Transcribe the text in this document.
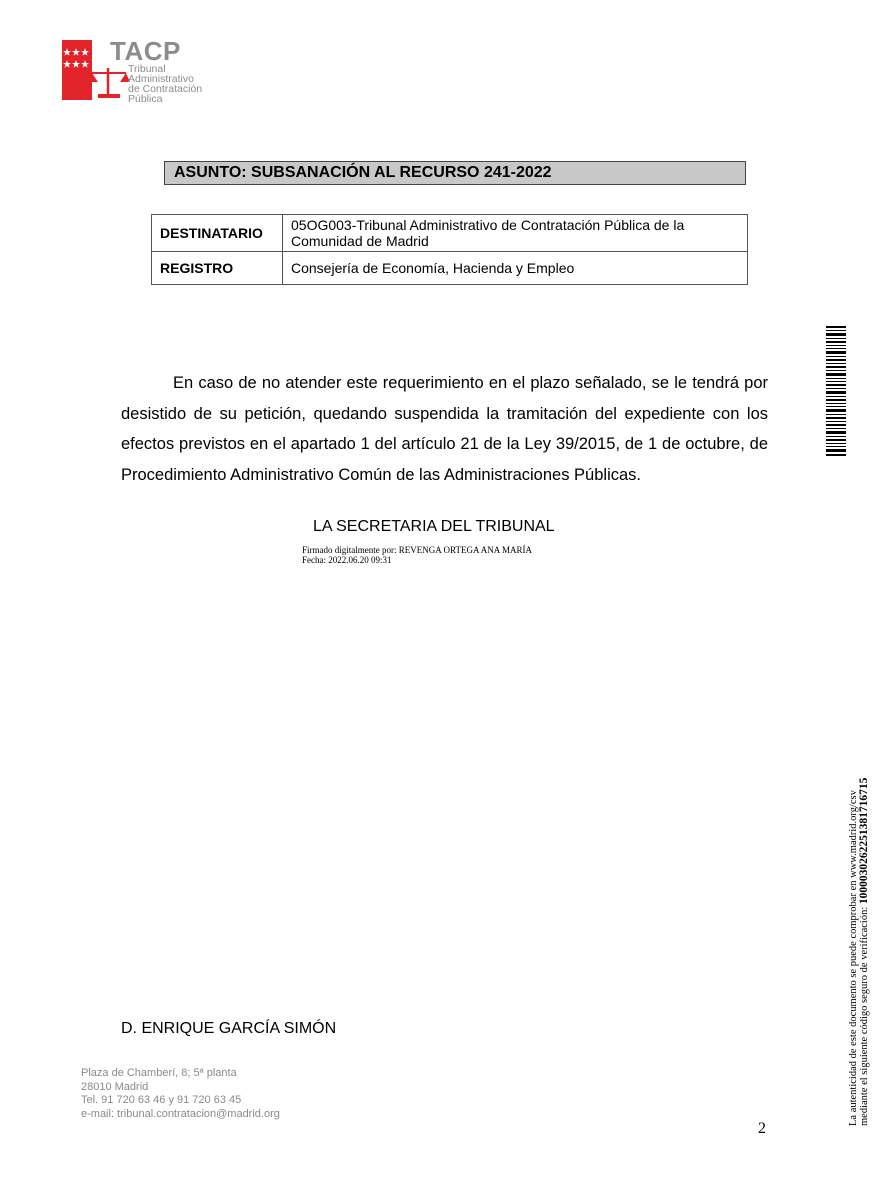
TACP
Tribunal
Administrativo
de Contratación
Pública
ASUNTO: SUBSANACIÓN AL RECURSO 241-2022
DESTINATARIO	05OG003-Tribunal Administrativo de Contratación Pública de la Comunidad de Madrid
REGISTRO	Consejería de Economía, Hacienda y Empleo
En caso de no atender este requerimiento en el plazo señalado, se le tendrá por desistido de su petición, quedando suspendida la tramitación del expediente con los efectos previstos en el apartado 1 del artículo 21 de la Ley 39/2015, de 1 de octubre, de Procedimiento Administrativo Común de las Administraciones Públicas.
LA SECRETARIA DEL TRIBUNAL
Firmado digitalmente por: REVENGA ORTEGA ANA MARÍA
Fecha: 2022.06.20 09:31
La autenticidad de este documento se puede comprobar en www.madrid.org/csv mediante el siguiente código seguro de verificación: 1000030262251381716715
D. ENRIQUE GARCÍA SIMÓN
Plaza de Chamberí, 8; 5ª planta
28010 Madrid
Tel. 91 720 63 46 y 91 720 63 45
e-mail: tribunal.contratacion@madrid.org
2
